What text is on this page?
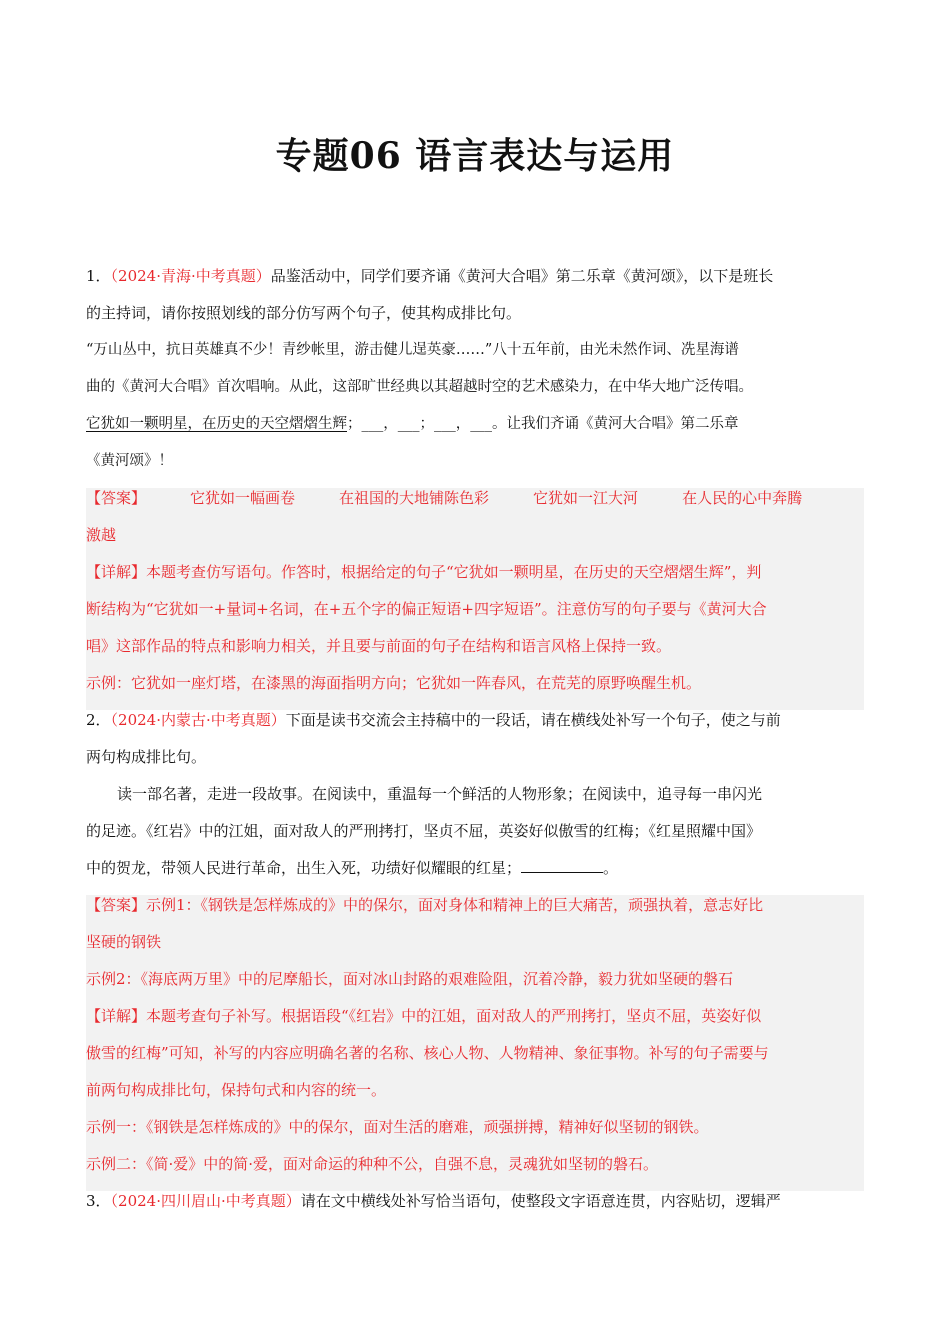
专题06 语言表达与运用
1．（2024·青海·中考真题）品鉴活动中，同学们要齐诵《黄河大合唱》第二乐章《黄河颂》，以下是班长
的主持词，请你按照划线的部分仿写两个句子，使其构成排比句。
“万山丛中，抗日英雄真不少！青纱帐里，游击健儿逞英豪……”八十五年前，由光未然作词、冼星海谱
曲的《黄河大合唱》首次唱响。从此，这部旷世经典以其超越时空的艺术感染力，在中华大地广泛传唱。
它犹如一颗明星，在历史的天空熠熠生辉；___，___；___，___。让我们齐诵《黄河大合唱》第二乐章
《黄河颂》！
【答案】	它犹如一幅画卷	在祖国的大地铺陈色彩	它犹如一江大河	在人民的心中奔腾
激越
【详解】本题考查仿写语句。作答时，根据给定的句子“它犹如一颗明星，在历史的天空熠熠生辉”，判
断结构为“它犹如一+量词+名词，在+五个字的偏正短语+四字短语”。注意仿写的句子要与《黄河大合
唱》这部作品的特点和影响力相关，并且要与前面的句子在结构和语言风格上保持一致。
示例：它犹如一座灯塔，在漆黑的海面指明方向；它犹如一阵春风，在荒芜的原野唤醒生机。
2．（2024·内蒙古·中考真题）下面是读书交流会主持稿中的一段话，请在横线处补写一个句子，使之与前
两句构成排比句。
读一部名著，走进一段故事。在阅读中，重温每一个鲜活的人物形象；在阅读中，追寻每一串闪光
的足迹。《红岩》中的江姐，面对敌人的严刑拷打，坚贞不屈，英姿好似傲雪的红梅；《红星照耀中国》
中的贺龙，带领人民进行革命，出生入死，功绩好似耀眼的红星；	。
【答案】示例1：《钢铁是怎样炼成的》中的保尔，面对身体和精神上的巨大痛苦，顽强执着，意志好比
坚硬的钢铁
示例2：《海底两万里》中的尼摩船长，面对冰山封路的艰难险阻，沉着冷静，毅力犹如坚硬的磐石
【详解】本题考查句子补写。根据语段“《红岩》中的江姐，面对敌人的严刑拷打，坚贞不屈，英姿好似
傲雪的红梅”可知，补写的内容应明确名著的名称、核心人物、人物精神、象征事物。补写的句子需要与
前两句构成排比句，保持句式和内容的统一。
示例一：《钢铁是怎样炼成的》中的保尔，面对生活的磨难，顽强拼搏，精神好似坚韧的钢铁。
示例二：《简·爱》中的简·爱，面对命运的种种不公，自强不息，灵魂犹如坚韧的磐石。
3．（2024·四川眉山·中考真题）请在文中横线处补写恰当语句，使整段文字语意连贯，内容贴切，逻辑严
